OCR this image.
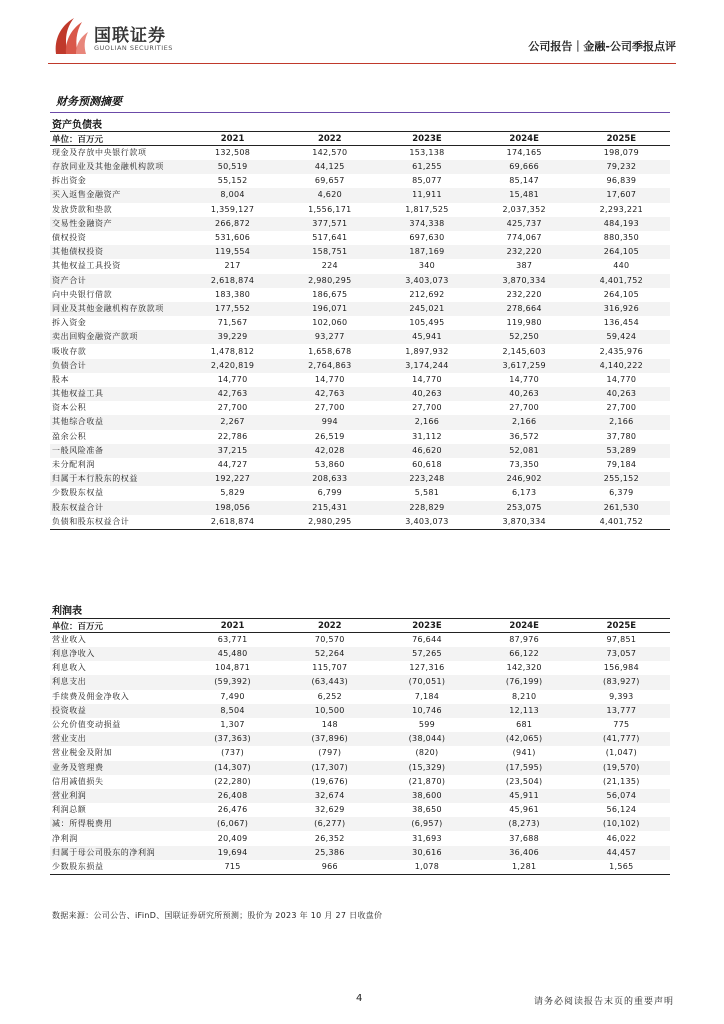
国联证券
GUOLIAN SECURITIES	公司报告｜金融-公司季报点评
财务预测摘要
资产负债表
单位：百万元	2021	2022	2023E	2024E	2025E
现金及存放中央银行款项	132,508	142,570	153,138	174,165	198,079
存放同业及其他金融机构款项	50,519	44,125	61,255	69,666	79,232
拆出资金	55,152	69,657	85,077	85,147	96,839
买入返售金融资产	8,004	4,620	11,911	15,481	17,607
发放贷款和垫款	1,359,127	1,556,171	1,817,525	2,037,352	2,293,221
交易性金融资产	266,872	377,571	374,338	425,737	484,193
债权投资	531,606	517,641	697,630	774,067	880,350
其他债权投资	119,554	158,751	187,169	232,220	264,105
其他权益工具投资	217	224	340	387	440
资产合计	2,618,874	2,980,295	3,403,073	3,870,334	4,401,752
向中央银行借款	183,380	186,675	212,692	232,220	264,105
同业及其他金融机构存放款项	177,552	196,071	245,021	278,664	316,926
拆入资金	71,567	102,060	105,495	119,980	136,454
卖出回购金融资产款项	39,229	93,277	45,941	52,250	59,424
吸收存款	1,478,812	1,658,678	1,897,932	2,145,603	2,435,976
负债合计	2,420,819	2,764,863	3,174,244	3,617,259	4,140,222
股本	14,770	14,770	14,770	14,770	14,770
其他权益工具	42,763	42,763	40,263	40,263	40,263
资本公积	27,700	27,700	27,700	27,700	27,700
其他综合收益	2,267	994	2,166	2,166	2,166
盈余公积	22,786	26,519	31,112	36,572	37,780
一般风险准备	37,215	42,028	46,620	52,081	53,289
未分配利润	44,727	53,860	60,618	73,350	79,184
归属于本行股东的权益	192,227	208,633	223,248	246,902	255,152
少数股东权益	5,829	6,799	5,581	6,173	6,379
股东权益合计	198,056	215,431	228,829	253,075	261,530
负债和股东权益合计	2,618,874	2,980,295	3,403,073	3,870,334	4,401,752
利润表
单位：百万元	2021	2022	2023E	2024E	2025E
营业收入	63,771	70,570	76,644	87,976	97,851
利息净收入	45,480	52,264	57,265	66,122	73,057
利息收入	104,871	115,707	127,316	142,320	156,984
利息支出	(59,392)	(63,443)	(70,051)	(76,199)	(83,927)
手续费及佣金净收入	7,490	6,252	7,184	8,210	9,393
投资收益	8,504	10,500	10,746	12,113	13,777
公允价值变动损益	1,307	148	599	681	775
营业支出	(37,363)	(37,896)	(38,044)	(42,065)	(41,777)
营业税金及附加	(737)	(797)	(820)	(941)	(1,047)
业务及管理费	(14,307)	(17,307)	(15,329)	(17,595)	(19,570)
信用减值损失	(22,280)	(19,676)	(21,870)	(23,504)	(21,135)
营业利润	26,408	32,674	38,600	45,911	56,074
利润总额	26,476	32,629	38,650	45,961	56,124
减：所得税费用	(6,067)	(6,277)	(6,957)	(8,273)	(10,102)
净利润	20,409	26,352	31,693	37,688	46,022
归属于母公司股东的净利润	19,694	25,386	30,616	36,406	44,457
少数股东损益	715	966	1,078	1,281	1,565
数据来源：公司公告、iFinD、国联证券研究所预测；股价为 2023 年 10 月 27 日收盘价
4	请务必阅读报告末页的重要声明
